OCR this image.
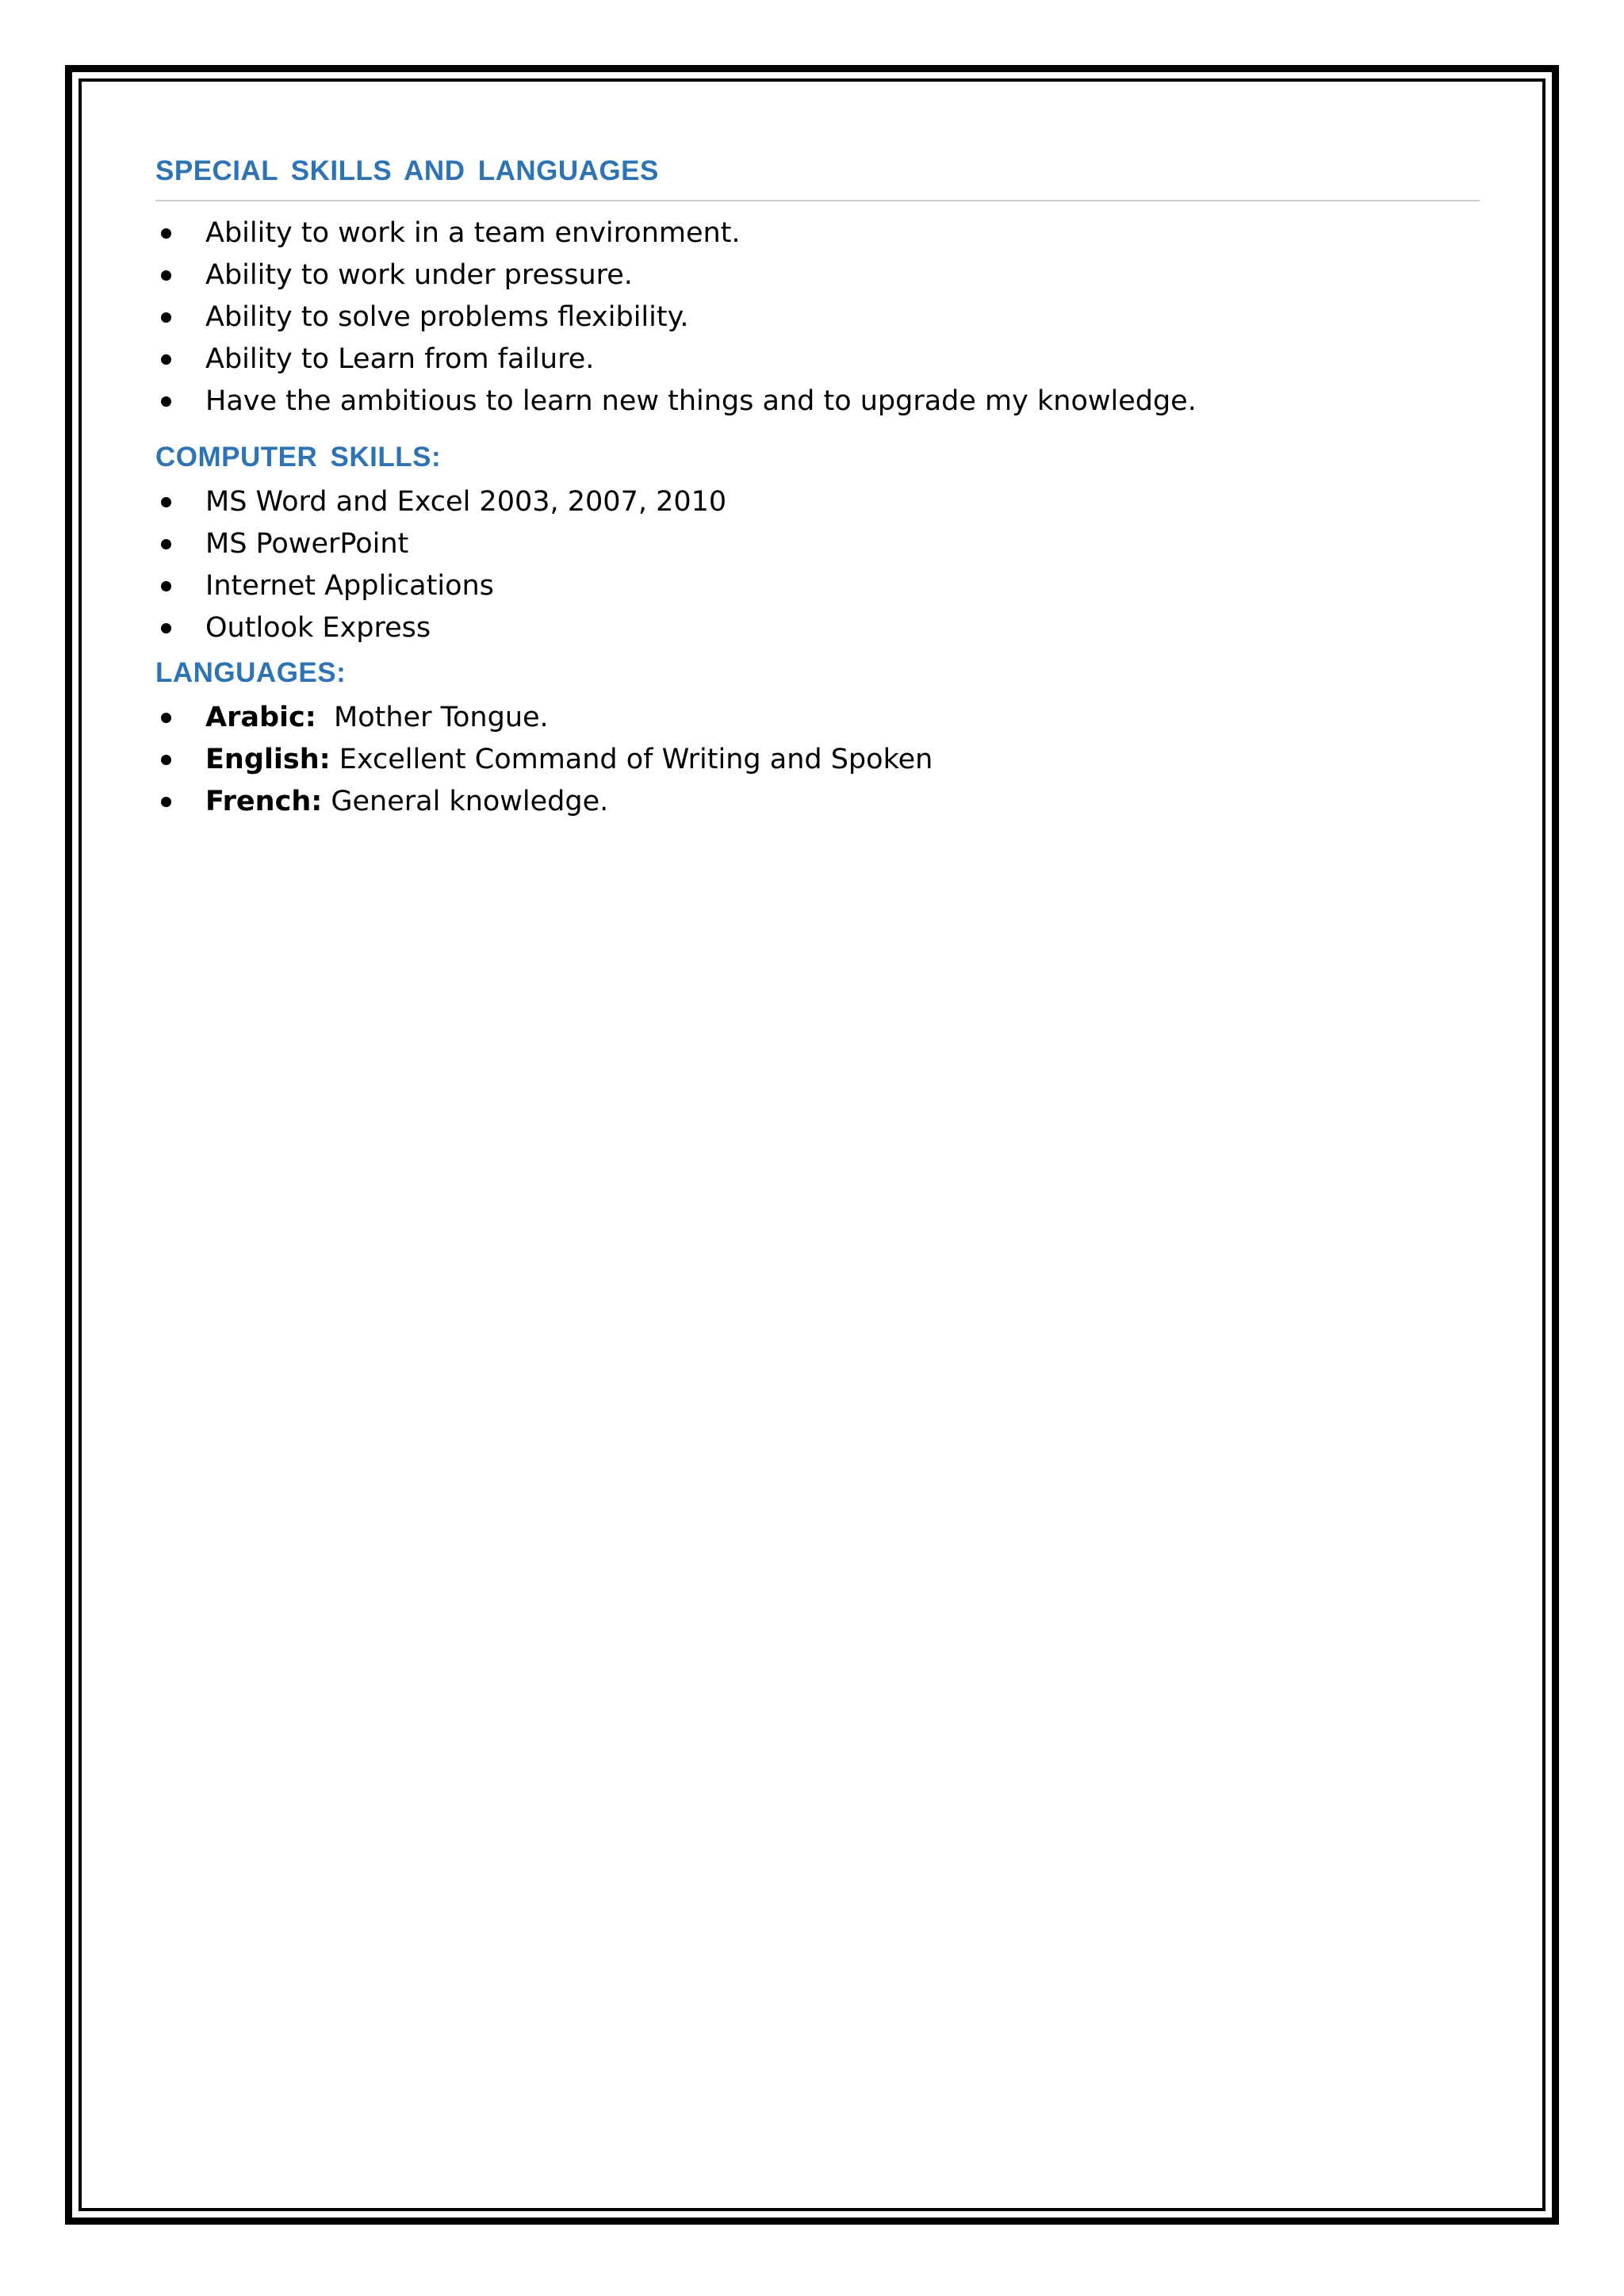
SPECIAL SKILLS AND LANGUAGES
Ability to work in a team environment.
Ability to work under pressure.
Ability to solve problems flexibility.
Ability to Learn from failure.
Have the ambitious to learn new things and to upgrade my knowledge.
COMPUTER SKILLS:
MS Word and Excel 2003, 2007, 2010
MS PowerPoint
Internet Applications
Outlook Express
LANGUAGES:
Arabic:  Mother Tongue.
English: Excellent Command of Writing and Spoken
French: General knowledge.
